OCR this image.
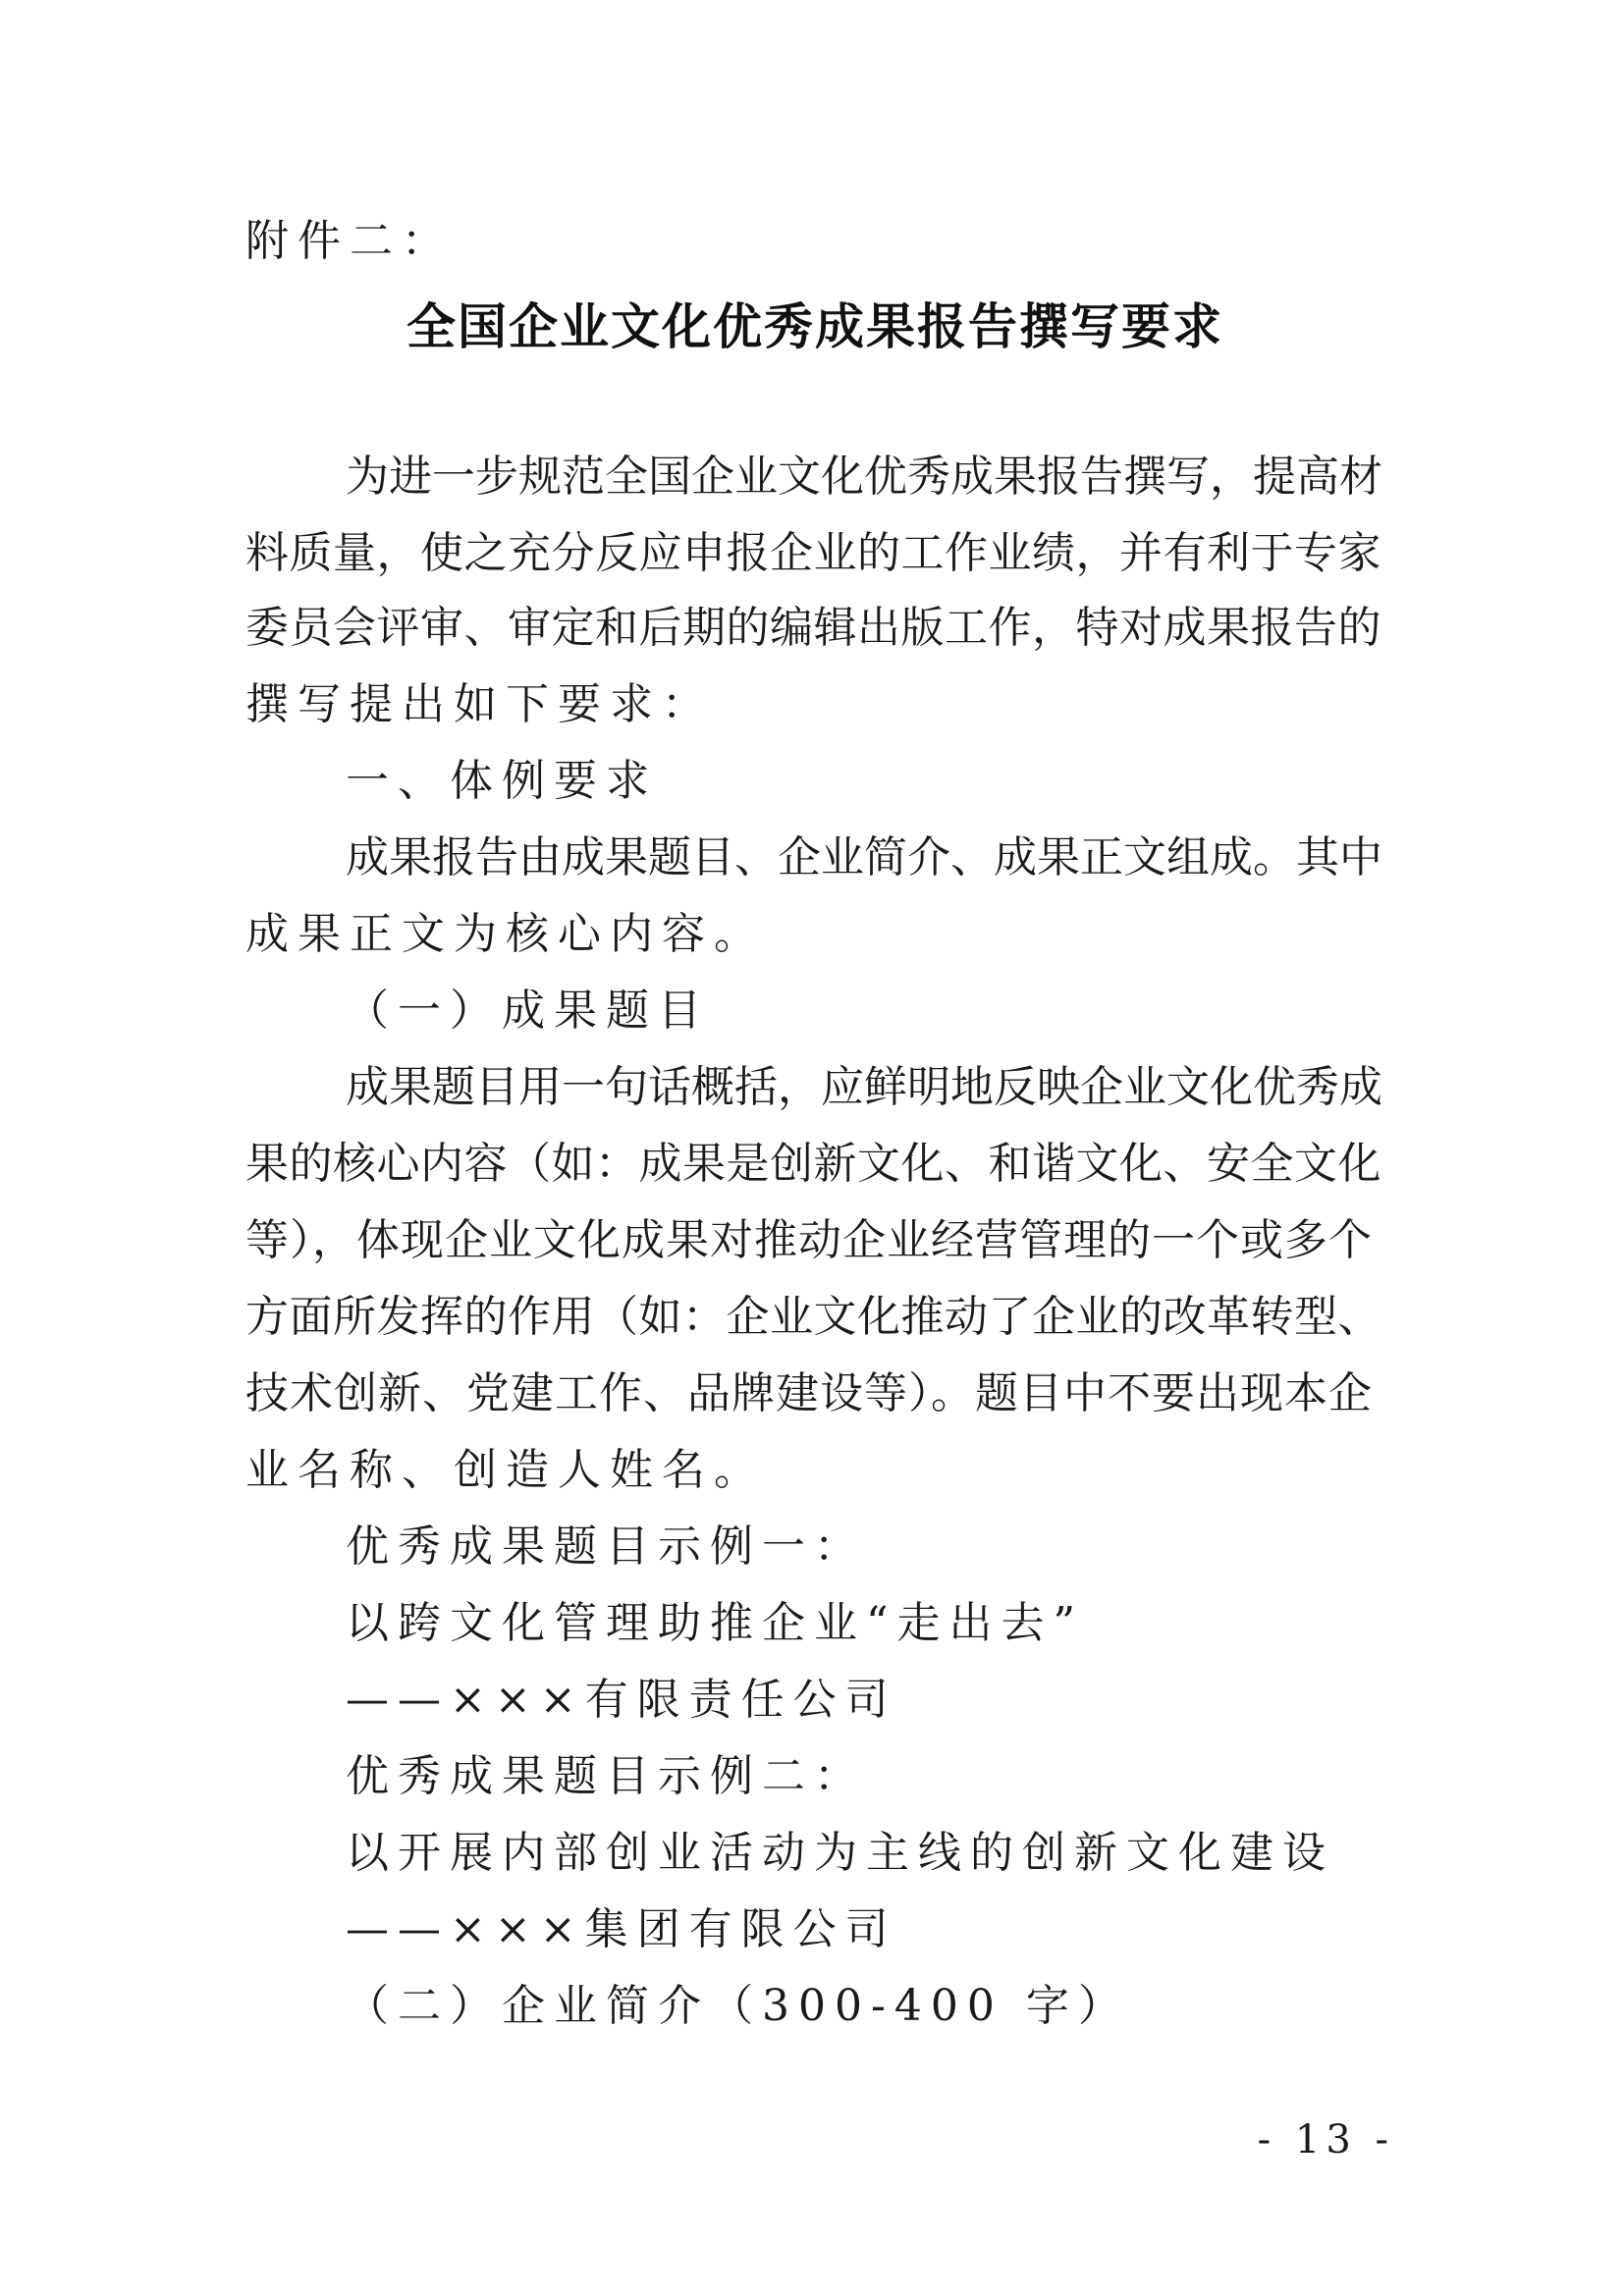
附件二：
全国企业文化优秀成果报告撰写要求
为进一步规范全国企业文化优秀成果报告撰写，提高材
料质量，使之充分反应申报企业的工作业绩，并有利于专家
委员会评审、审定和后期的编辑出版工作，特对成果报告的
撰写提出如下要求：
一、体例要求
成果报告由成果题目、企业简介、成果正文组成。其中
成果正文为核心内容。
（一）成果题目
成果题目用一句话概括，应鲜明地反映企业文化优秀成
果的核心内容（如：成果是创新文化、和谐文化、安全文化
等），体现企业文化成果对推动企业经营管理的一个或多个
方面所发挥的作用（如：企业文化推动了企业的改革转型、
技术创新、党建工作、品牌建设等）。题目中不要出现本企
业名称、创造人姓名。
优秀成果题目示例一：
以跨文化管理助推企业“走出去”
——×××有限责任公司
优秀成果题目示例二：
以开展内部创业活动为主线的创新文化建设
——×××集团有限公司
（二）企业简介（300-400 字）
- 13 -
